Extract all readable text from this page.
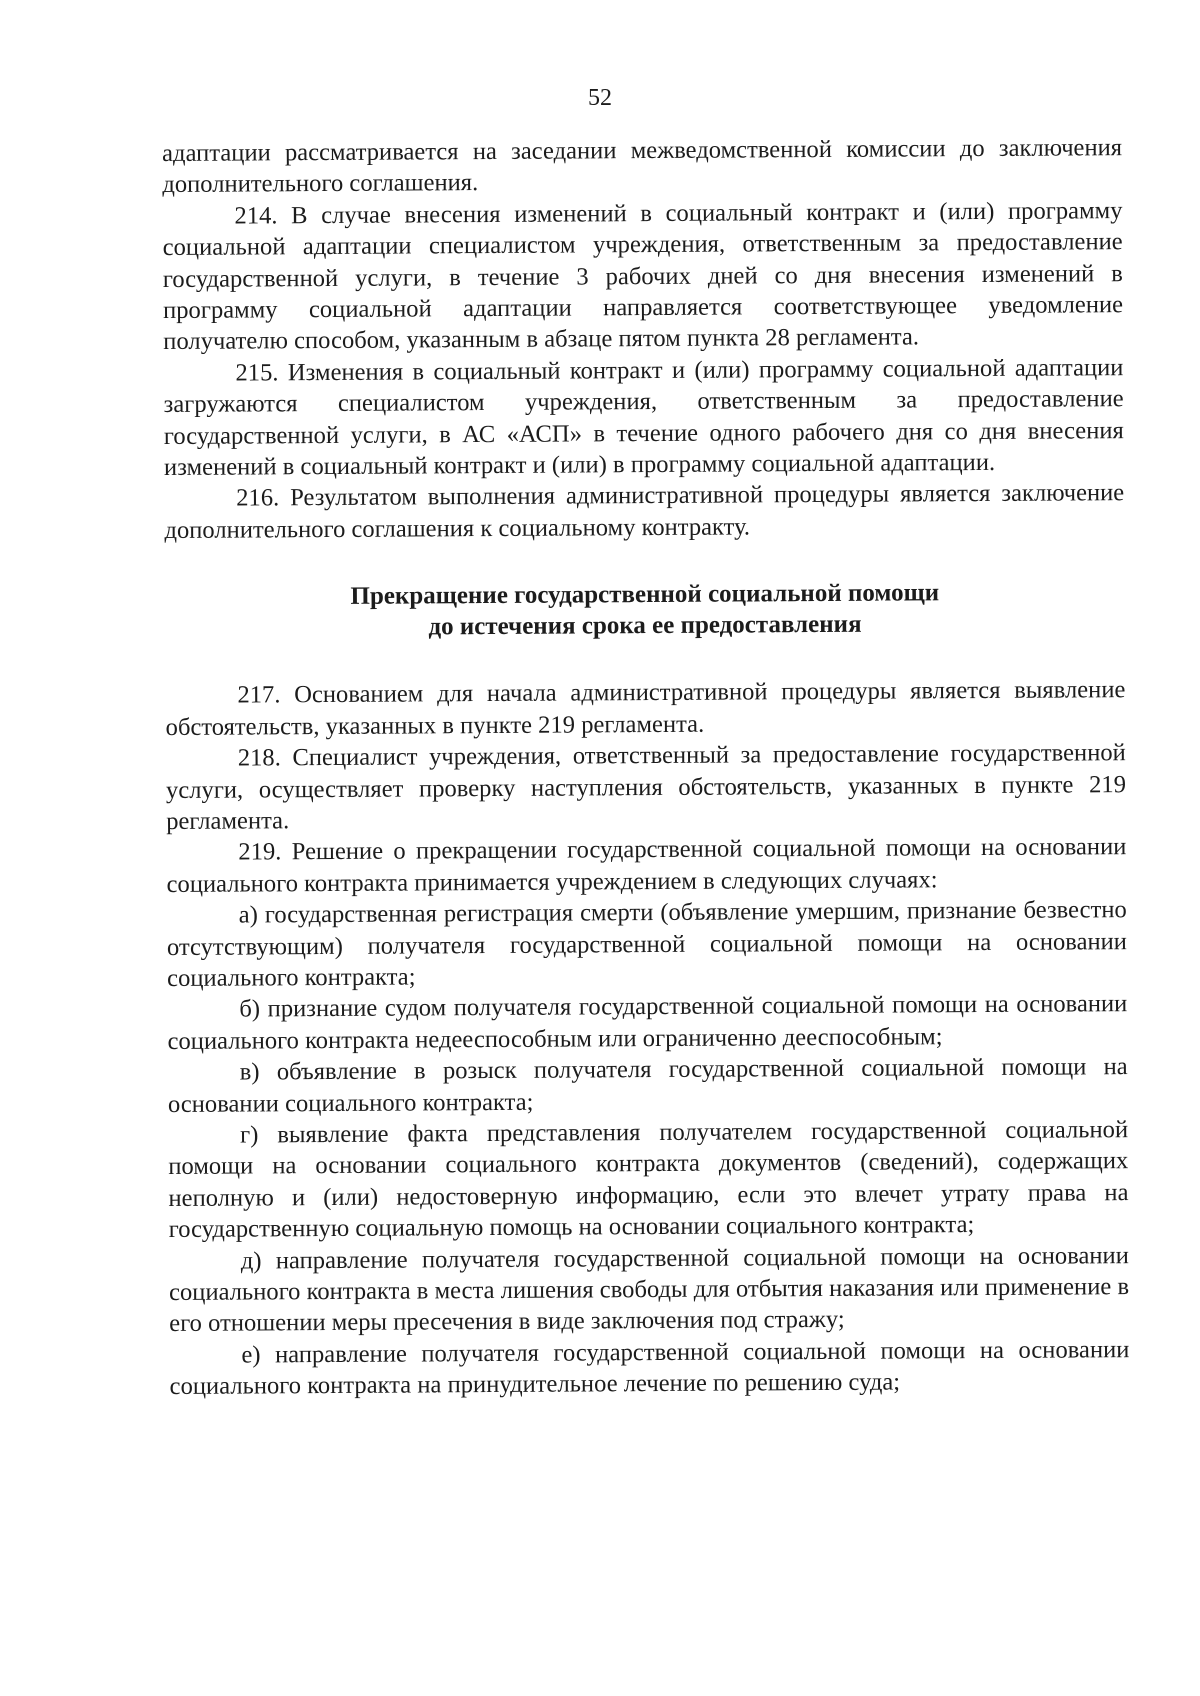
52

адаптации рассматривается на заседании межведомственной комиссии до заключения дополнительного соглашения.

214. В случае внесения изменений в социальный контракт и (или) программу социальной адаптации специалистом учреждения, ответственным за предоставление государственной услуги, в течение 3 рабочих дней со дня внесения изменений в программу социальной адаптации направляется соответствующее уведомление получателю способом, указанным в абзаце пятом пункта 28 регламента.

215. Изменения в социальный контракт и (или) программу социальной адаптации загружаются специалистом учреждения, ответственным за предоставление государственной услуги, в АС «АСП» в течение одного рабочего дня со дня внесения изменений в социальный контракт и (или) в программу социальной адаптации.

216. Результатом выполнения административной процедуры является заключение дополнительного соглашения к социальному контракту.

Прекращение государственной социальной помощи
до истечения срока ее предоставления

217. Основанием для начала административной процедуры является выявление обстоятельств, указанных в пункте 219 регламента.

218. Специалист учреждения, ответственный за предоставление государственной услуги, осуществляет проверку наступления обстоятельств, указанных в пункте 219 регламента.

219. Решение о прекращении государственной социальной помощи на основании социального контракта принимается учреждением в следующих случаях:

а) государственная регистрация смерти (объявление умершим, признание безвестно отсутствующим) получателя государственной социальной помощи на основании социального контракта;

б) признание судом получателя государственной социальной помощи на основании социального контракта недееспособным или ограниченно дееспособным;

в) объявление в розыск получателя государственной социальной помощи на основании социального контракта;

г) выявление факта представления получателем государственной социальной помощи на основании социального контракта документов (сведений), содержащих неполную и (или) недостоверную информацию, если это влечет утрату права на государственную социальную помощь на основании социального контракта;

д) направление получателя государственной социальной помощи на основании социального контракта в места лишения свободы для отбытия наказания или применение в его отношении меры пресечения в виде заключения под стражу;

е) направление получателя государственной социальной помощи на основании социального контракта на принудительное лечение по решению суда;
